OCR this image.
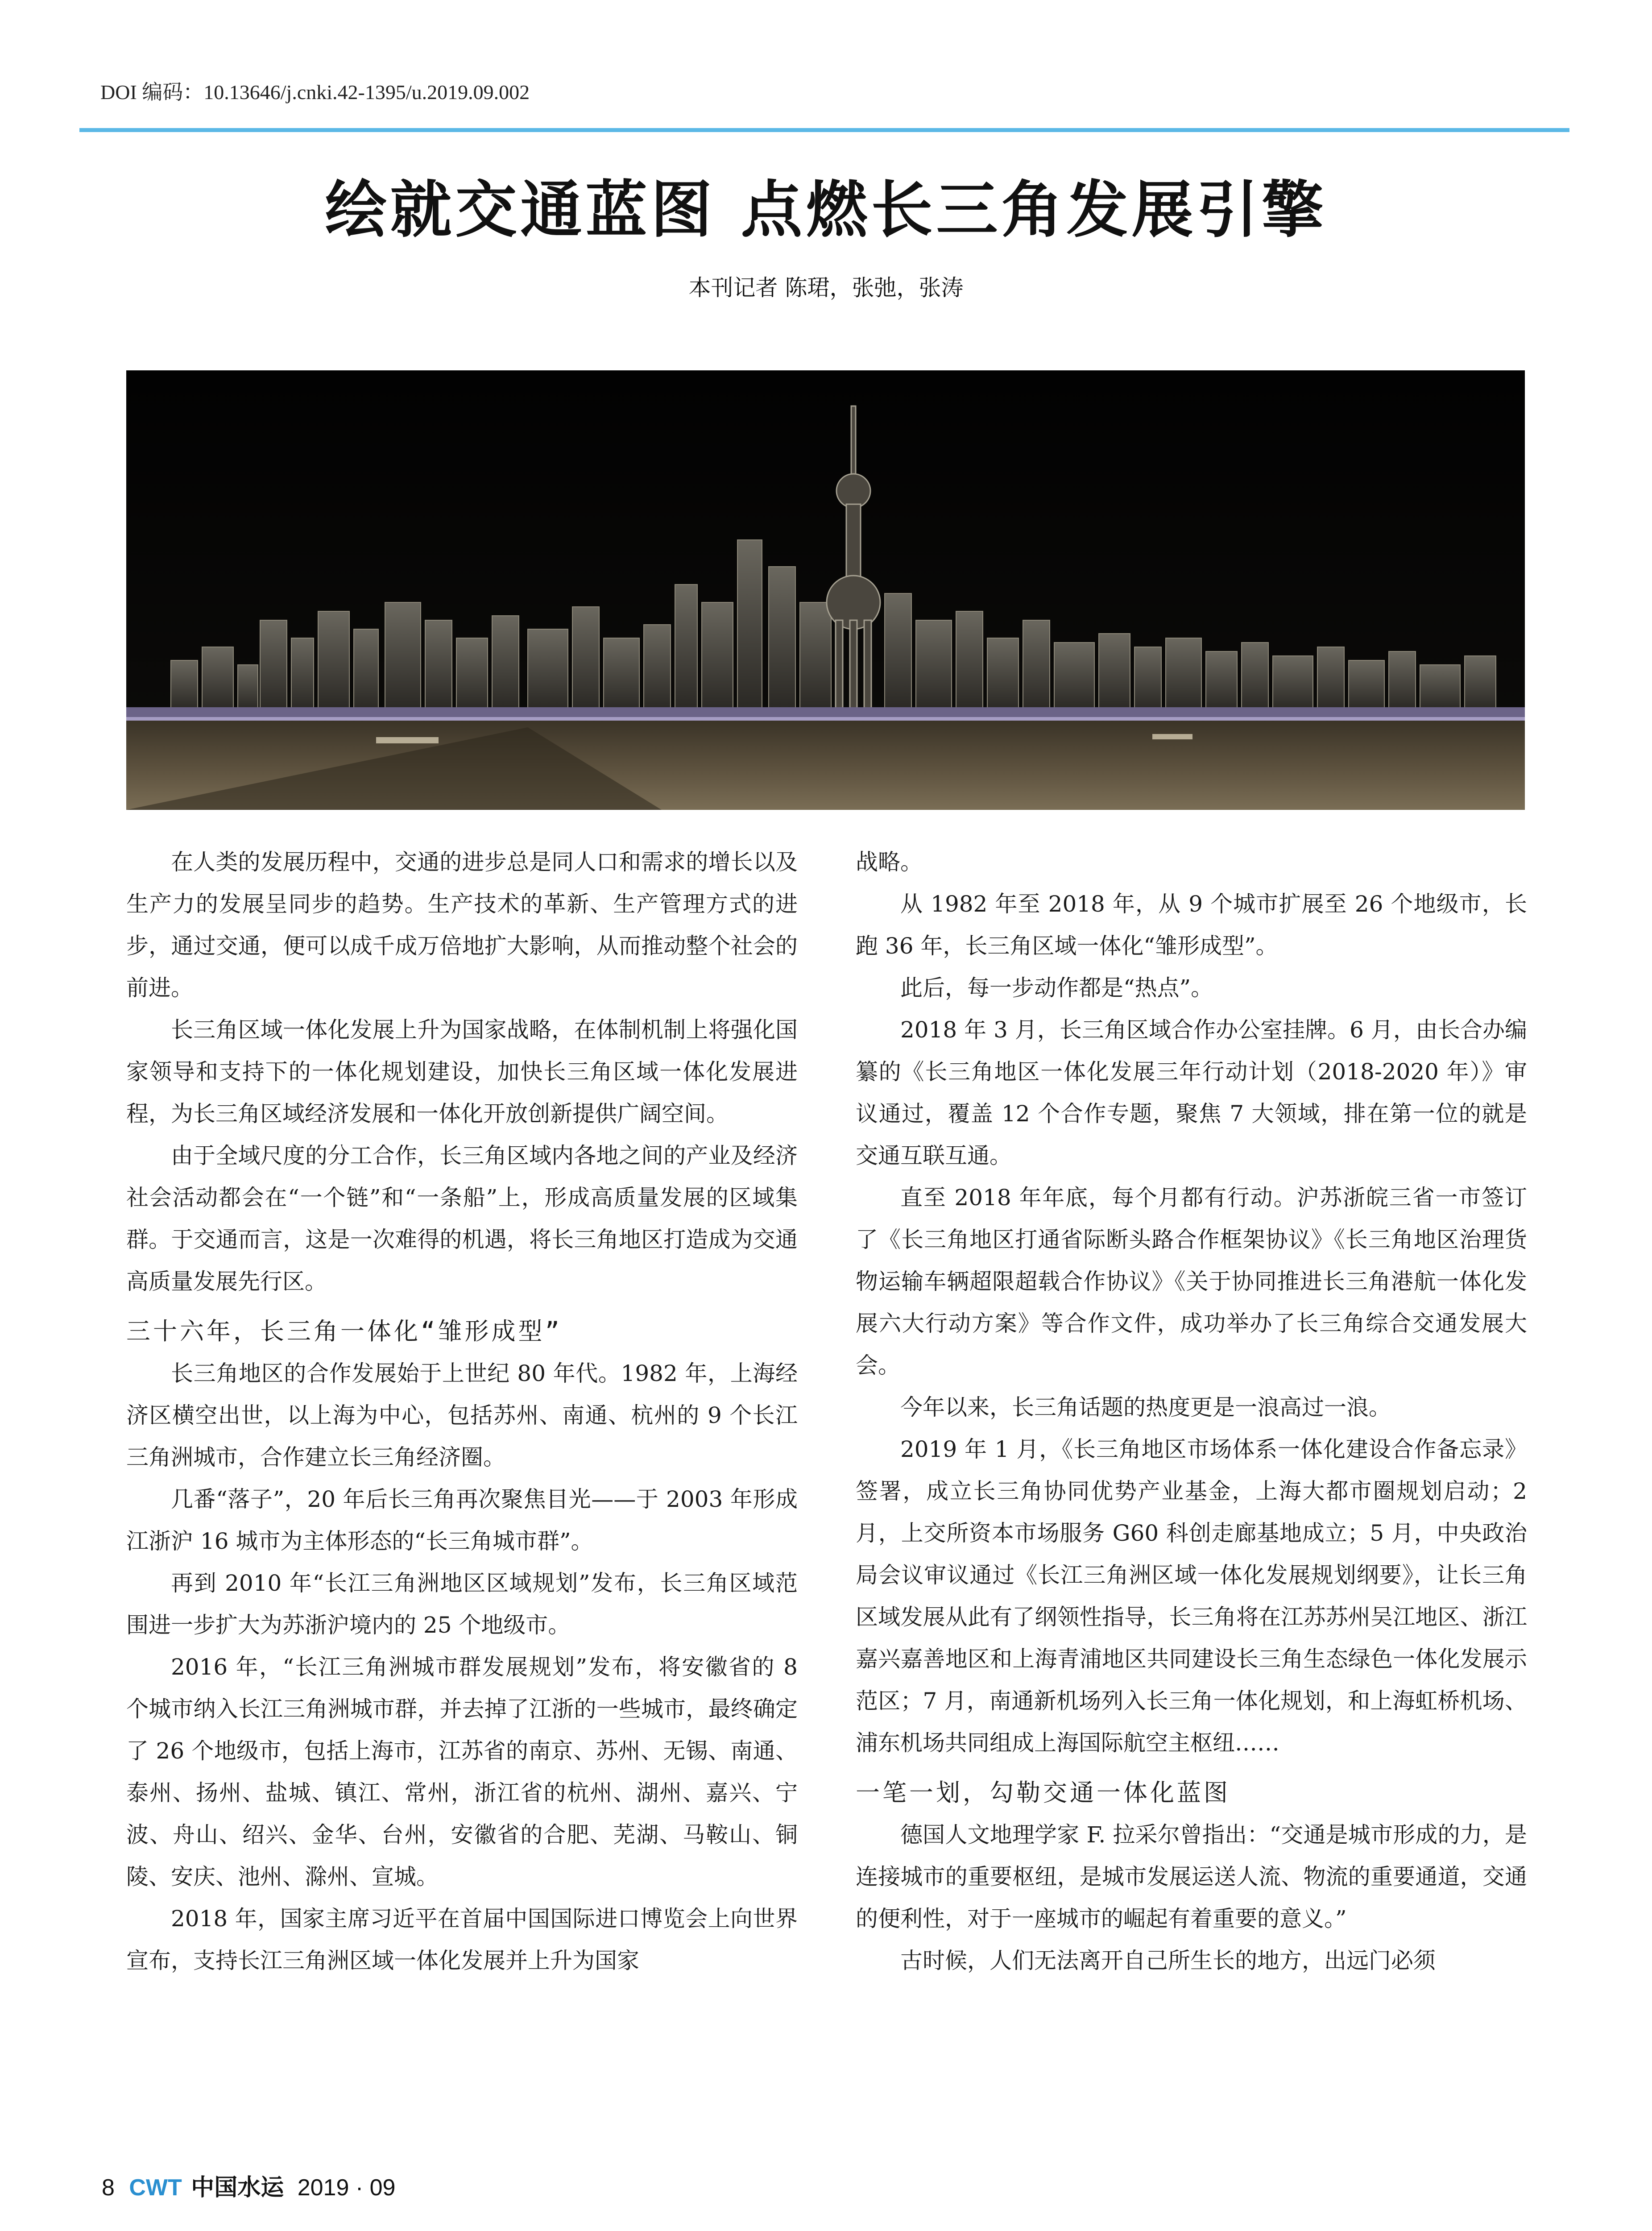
DOI 编码：10.13646/j.cnki.42-1395/u.2019.09.002
绘就交通蓝图 点燃长三角发展引擎
本刊记者 陈珺，张弛，张涛

在人类的发展历程中，交通的进步总是同人口和需求的增长以及生产力的发展呈同步的趋势。生产技术的革新、生产管理方式的进步，通过交通，便可以成千成万倍地扩大影响，从而推动整个社会的前进。

长三角区域一体化发展上升为国家战略，在体制机制上将强化国家领导和支持下的一体化规划建设，加快长三角区域一体化发展进程，为长三角区域经济发展和一体化开放创新提供广阔空间。

由于全域尺度的分工合作，长三角区域内各地之间的产业及经济社会活动都会在“一个链”和“一条船”上，形成高质量发展的区域集群。于交通而言，这是一次难得的机遇，将长三角地区打造成为交通高质量发展先行区。

三十六年，长三角一体化“雏形成型”

长三角地区的合作发展始于上世纪 80 年代。1982 年，上海经济区横空出世，以上海为中心，包括苏州、南通、杭州的 9 个长江三角洲城市，合作建立长三角经济圈。

几番“落子”，20 年后长三角再次聚焦目光——于 2003 年形成江浙沪 16 城市为主体形态的“长三角城市群”。

再到 2010 年“长江三角洲地区区域规划”发布，长三角区域范围进一步扩大为苏浙沪境内的 25 个地级市。

2016 年，“长江三角洲城市群发展规划”发布，将安徽省的 8 个城市纳入长江三角洲城市群，并去掉了江浙的一些城市，最终确定了 26 个地级市，包括上海市，江苏省的南京、苏州、无锡、南通、泰州、扬州、盐城、镇江、常州，浙江省的杭州、湖州、嘉兴、宁波、舟山、绍兴、金华、台州，安徽省的合肥、芜湖、马鞍山、铜陵、安庆、池州、滁州、宣城。

2018 年，国家主席习近平在首届中国国际进口博览会上向世界宣布，支持长江三角洲区域一体化发展并上升为国家

战略。

从 1982 年至 2018 年，从 9 个城市扩展至 26 个地级市，长跑 36 年，长三角区域一体化“雏形成型”。

此后，每一步动作都是“热点”。

2018 年 3 月，长三角区域合作办公室挂牌。6 月，由长合办编纂的《长三角地区一体化发展三年行动计划（2018-2020 年）》审议通过，覆盖 12 个合作专题，聚焦 7 大领域，排在第一位的就是交通互联互通。

直至 2018 年年底，每个月都有行动。沪苏浙皖三省一市签订了《长三角地区打通省际断头路合作框架协议》《长三角地区治理货物运输车辆超限超载合作协议》《关于协同推进长三角港航一体化发展六大行动方案》等合作文件，成功举办了长三角综合交通发展大会。

今年以来，长三角话题的热度更是一浪高过一浪。

2019 年 1 月，《长三角地区市场体系一体化建设合作备忘录》签署，成立长三角协同优势产业基金，上海大都市圈规划启动；2 月，上交所资本市场服务 G60 科创走廊基地成立；5 月，中央政治局会议审议通过《长江三角洲区域一体化发展规划纲要》，让长三角区域发展从此有了纲领性指导，长三角将在江苏苏州吴江地区、浙江嘉兴嘉善地区和上海青浦地区共同建设长三角生态绿色一体化发展示范区；7 月，南通新机场列入长三角一体化规划，和上海虹桥机场、浦东机场共同组成上海国际航空主枢纽……

一笔一划，勾勒交通一体化蓝图

德国人文地理学家 F. 拉采尔曾指出：“交通是城市形成的力，是连接城市的重要枢纽，是城市发展运送人流、物流的重要通道，交通的便利性，对于一座城市的崛起有着重要的意义。”

古时候，人们无法离开自己所生长的地方，出远门必须

8 CWT 中国水运 2019 · 09
